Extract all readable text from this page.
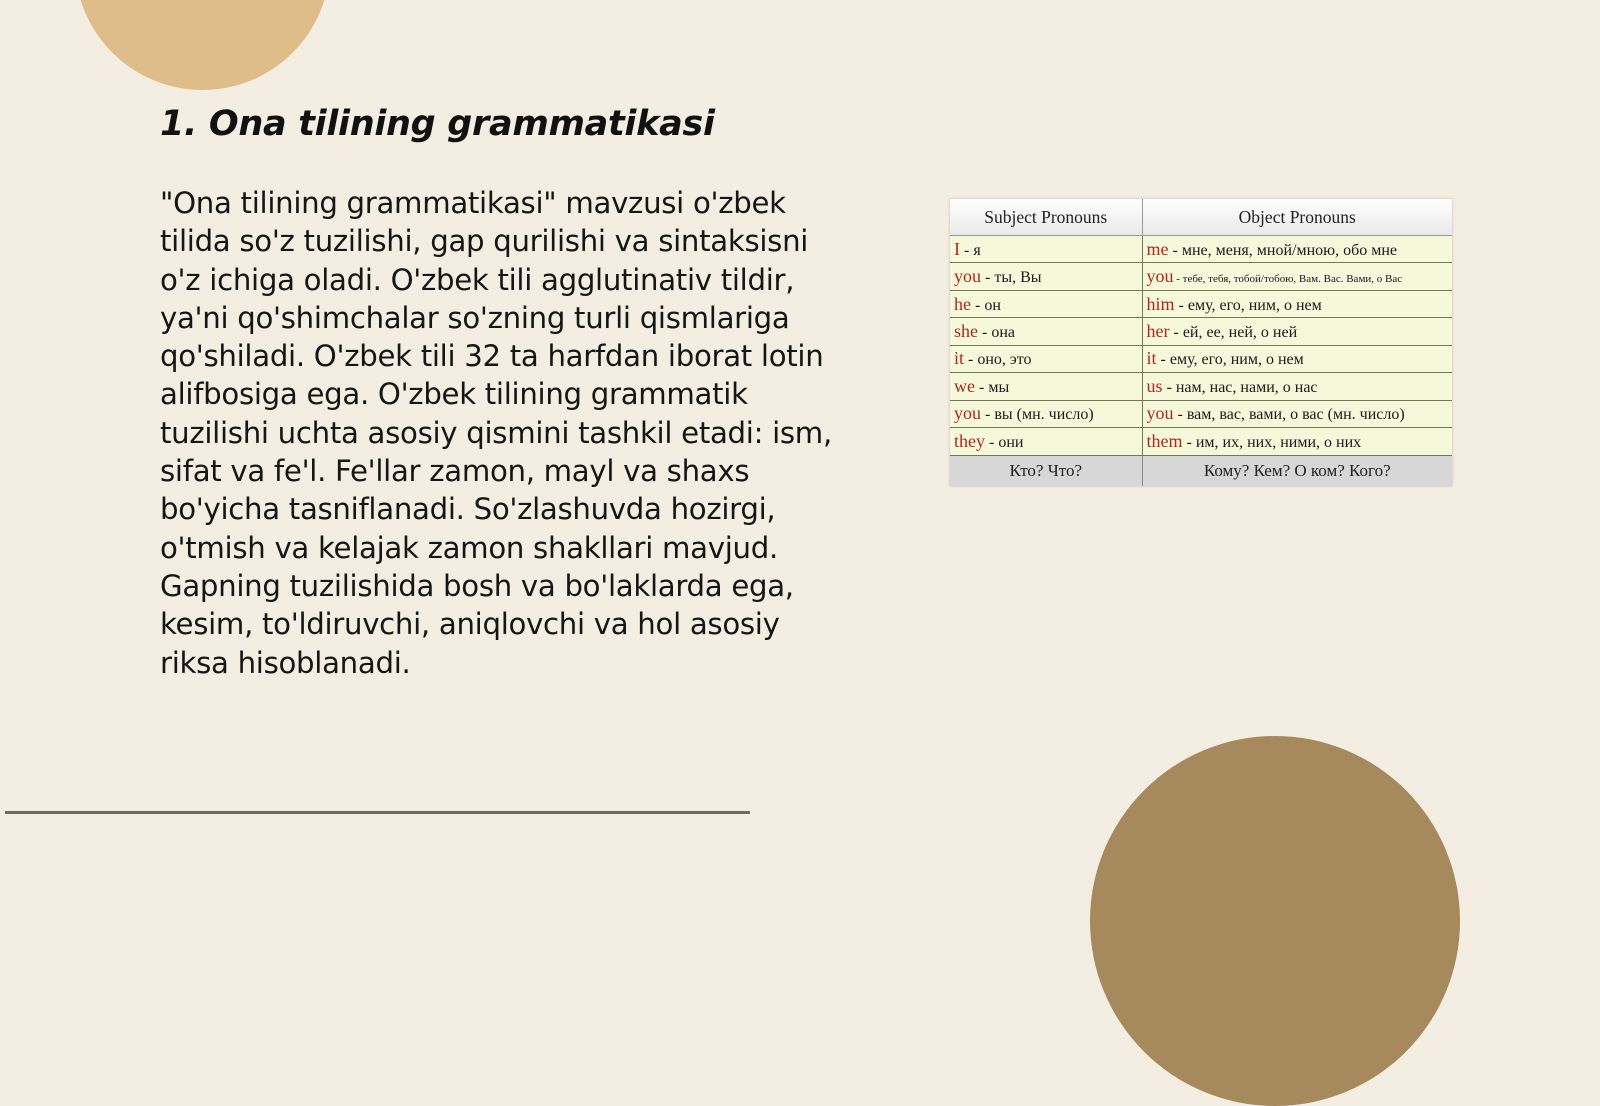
1. Ona tilining grammatikasi

"Ona tilining grammatikasi" mavzusi o'zbek tilida so'z tuzilishi, gap qurilishi va sintaksisni o'z ichiga oladi. O'zbek tili agglutinativ tildir, ya'ni qo'shimchalar so'zning turli qismlariga qo'shiladi. O'zbek tili 32 ta harfdan iborat lotin alifbosiga ega. O'zbek tilining grammatik tuzilishi uchta asosiy qismini tashkil etadi: ism, sifat va fe'l. Fe'llar zamon, mayl va shaxs bo'yicha tasniflanadi. So'zlashuvda hozirgi, o'tmish va kelajak zamon shakllari mavjud. Gapning tuzilishida bosh va bo'laklarda ega, kesim, to'ldiruvchi, aniqlovchi va hol asosiy riksa hisoblanadi.

Subject Pronouns	Object Pronouns
I - я	me - мне, меня, мной/мною, обо мне
you - ты, Вы	you - тебе, тебя, тобой/тобою, Вам. Вас. Вами, о Вас
he - он	him - ему, его, ним, о нем
she - она	her - ей, ее, ней, о ней
it - оно, это	it - ему, его, ним, о нем
we - мы	us - нам, нас, нами, о нас
you - вы (мн. число)	you - вам, вас, вами, о вас (мн. число)
they - они	them - им, их, них, ними, о них
Кто? Что?	Кому? Кем? О ком? Кого?
